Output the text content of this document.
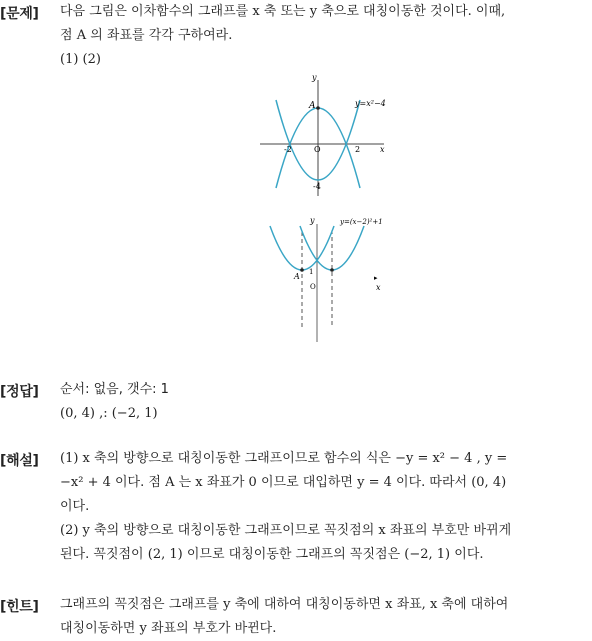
[문제] 다음 그림은 이차함수의 그래프를 x 축 또는 y 축으로 대칭이동한 것이다. 이때,
점 A 의 좌표를 각각 구하여라.
(1) (2)
y
x
A	y=x²−4
-2	O	2
-4
y	y=(x−2)²+1
A 1
O	x
▸
[정답] 순서: 없음, 갯수: 1
(0, 4) ,: (−2, 1)
[해설] (1) x 축의 방향으로 대칭이동한 그래프이므로 함수의 식은 −y = x² − 4 , y =
−x² + 4 이다. 점 A 는 x 좌표가 0 이므로 대입하면 y = 4 이다. 따라서 (0, 4)
이다.
(2) y 축의 방향으로 대칭이동한 그래프이므로 꼭짓점의 x 좌표의 부호만 바뀌게
된다. 꼭짓점이 (2, 1) 이므로 대칭이동한 그래프의 꼭짓점은 (−2, 1) 이다.
[힌트] 그래프의 꼭짓점은 그래프를 y 축에 대하여 대칭이동하면 x 좌표, x 축에 대하여
대칭이동하면 y 좌표의 부호가 바뀐다.
